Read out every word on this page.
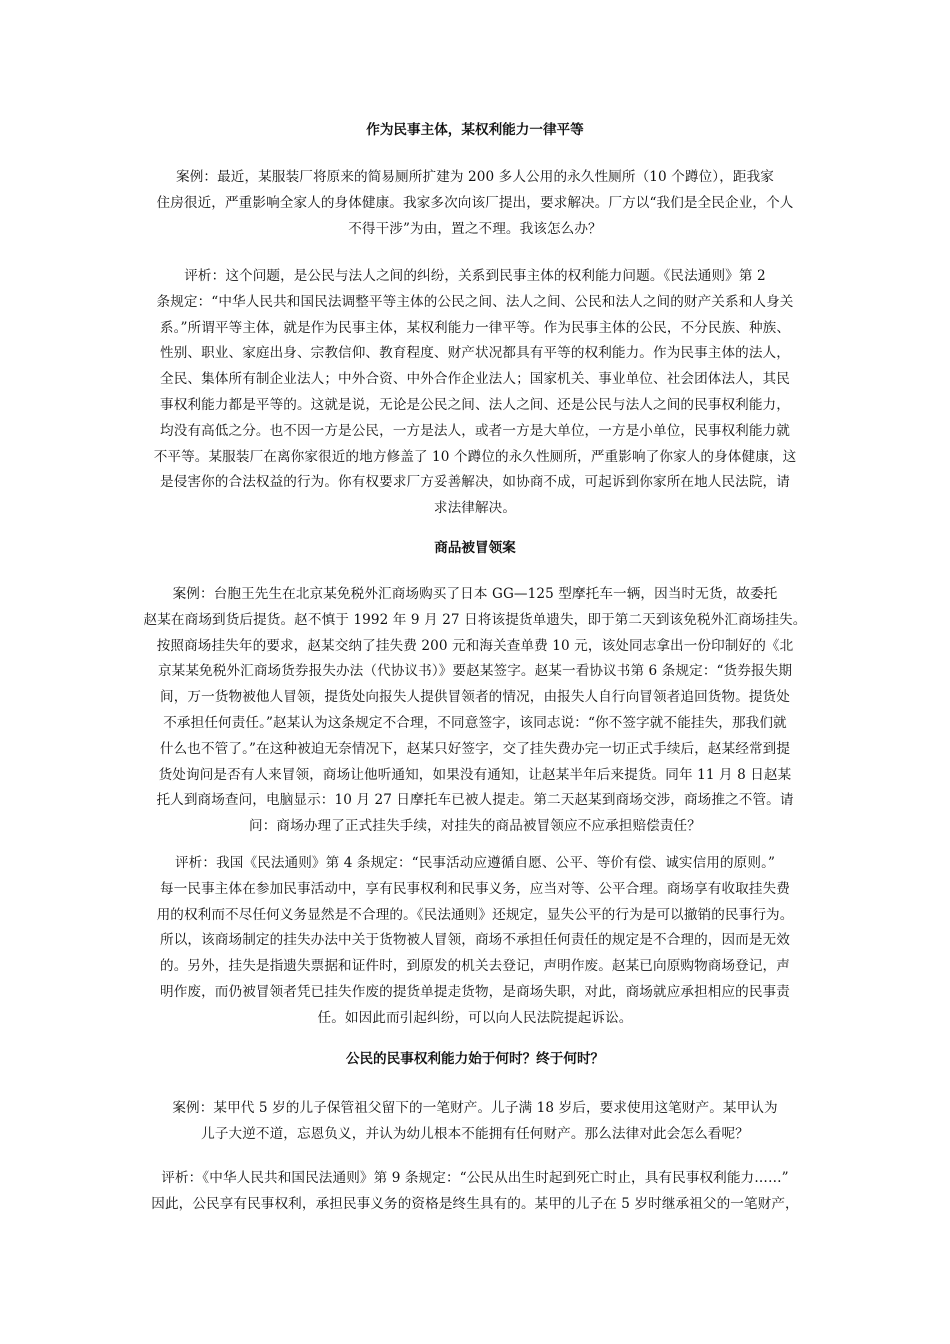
作为民事主体，某权利能力一律平等
案例：最近，某服装厂将原来的简易厕所扩建为 200 多人公用的永久性厕所（10 个蹲位），距我家
住房很近，严重影响全家人的身体健康。我家多次向该厂提出，要求解决。厂方以“我们是全民企业，个人
不得干涉”为由，置之不理。我该怎么办？
评析：这个问题，是公民与法人之间的纠纷，关系到民事主体的权利能力问题。《民法通则》第 2
条规定：“中华人民共和国民法调整平等主体的公民之间、法人之间、公民和法人之间的财产关系和人身关
系。”所谓平等主体，就是作为民事主体，某权利能力一律平等。作为民事主体的公民，不分民族、种族、
性别、职业、家庭出身、宗教信仰、教育程度、财产状况都具有平等的权利能力。作为民事主体的法人，
全民、集体所有制企业法人；中外合资、中外合作企业法人；国家机关、事业单位、社会团体法人，其民
事权利能力都是平等的。这就是说，无论是公民之间、法人之间、还是公民与法人之间的民事权利能力，
均没有高低之分。也不因一方是公民，一方是法人，或者一方是大单位，一方是小单位，民事权利能力就
不平等。某服装厂在离你家很近的地方修盖了 10 个蹲位的永久性厕所，严重影响了你家人的身体健康，这
是侵害你的合法权益的行为。你有权要求厂方妥善解决，如协商不成，可起诉到你家所在地人民法院，请
求法律解决。
商品被冒领案
案例：台胞王先生在北京某免税外汇商场购买了日本 GG—125 型摩托车一辆，因当时无货，故委托
赵某在商场到货后提货。赵不慎于 1992 年 9 月 27 日将该提货单遗失，即于第二天到该免税外汇商场挂失。
按照商场挂失年的要求，赵某交纳了挂失费 200 元和海关查单费 10 元，该处同志拿出一份印制好的《北
京某某免税外汇商场货券报失办法（代协议书）》要赵某签字。赵某一看协议书第 6 条规定：“货券报失期
间，万一货物被他人冒领，提货处向报失人提供冒领者的情况，由报失人自行向冒领者追回货物。提货处
不承担任何责任。”赵某认为这条规定不合理，不同意签字，该同志说：“你不签字就不能挂失，那我们就
什么也不管了。”在这种被迫无奈情况下，赵某只好签字，交了挂失费办完一切正式手续后，赵某经常到提
货处询问是否有人来冒领，商场让他听通知，如果没有通知，让赵某半年后来提货。同年 11 月 8 日赵某
托人到商场查问，电脑显示：10 月 27 日摩托车已被人提走。第二天赵某到商场交涉，商场推之不管。请
问：商场办理了正式挂失手续，对挂失的商品被冒领应不应承担赔偿责任？
评析：我国《民法通则》第 4 条规定：“民事活动应遵循自愿、公平、等价有偿、诚实信用的原则。”
每一民事主体在参加民事活动中，享有民事权利和民事义务，应当对等、公平合理。商场享有收取挂失费
用的权利而不尽任何义务显然是不合理的。《民法通则》还规定，显失公平的行为是可以撤销的民事行为。
所以，该商场制定的挂失办法中关于货物被人冒领，商场不承担任何责任的规定是不合理的，因而是无效
的。另外，挂失是指遗失票据和证件时，到原发的机关去登记，声明作废。赵某已向原购物商场登记，声
明作废，而仍被冒领者凭已挂失作废的提货单提走货物，是商场失职，对此，商场就应承担相应的民事责
任。如因此而引起纠纷，可以向人民法院提起诉讼。
公民的民事权利能力始于何时？终于何时？
案例：某甲代 5 岁的儿子保管祖父留下的一笔财产。儿子满 18 岁后，要求使用这笔财产。某甲认为
儿子大逆不道，忘恩负义，并认为幼儿根本不能拥有任何财产。那么法律对此会怎么看呢？
评析：《中华人民共和国民法通则》第 9 条规定：“公民从出生时起到死亡时止，具有民事权利能力……”
因此，公民享有民事权利，承担民事义务的资格是终生具有的。某甲的儿子在 5 岁时继承祖父的一笔财产，
